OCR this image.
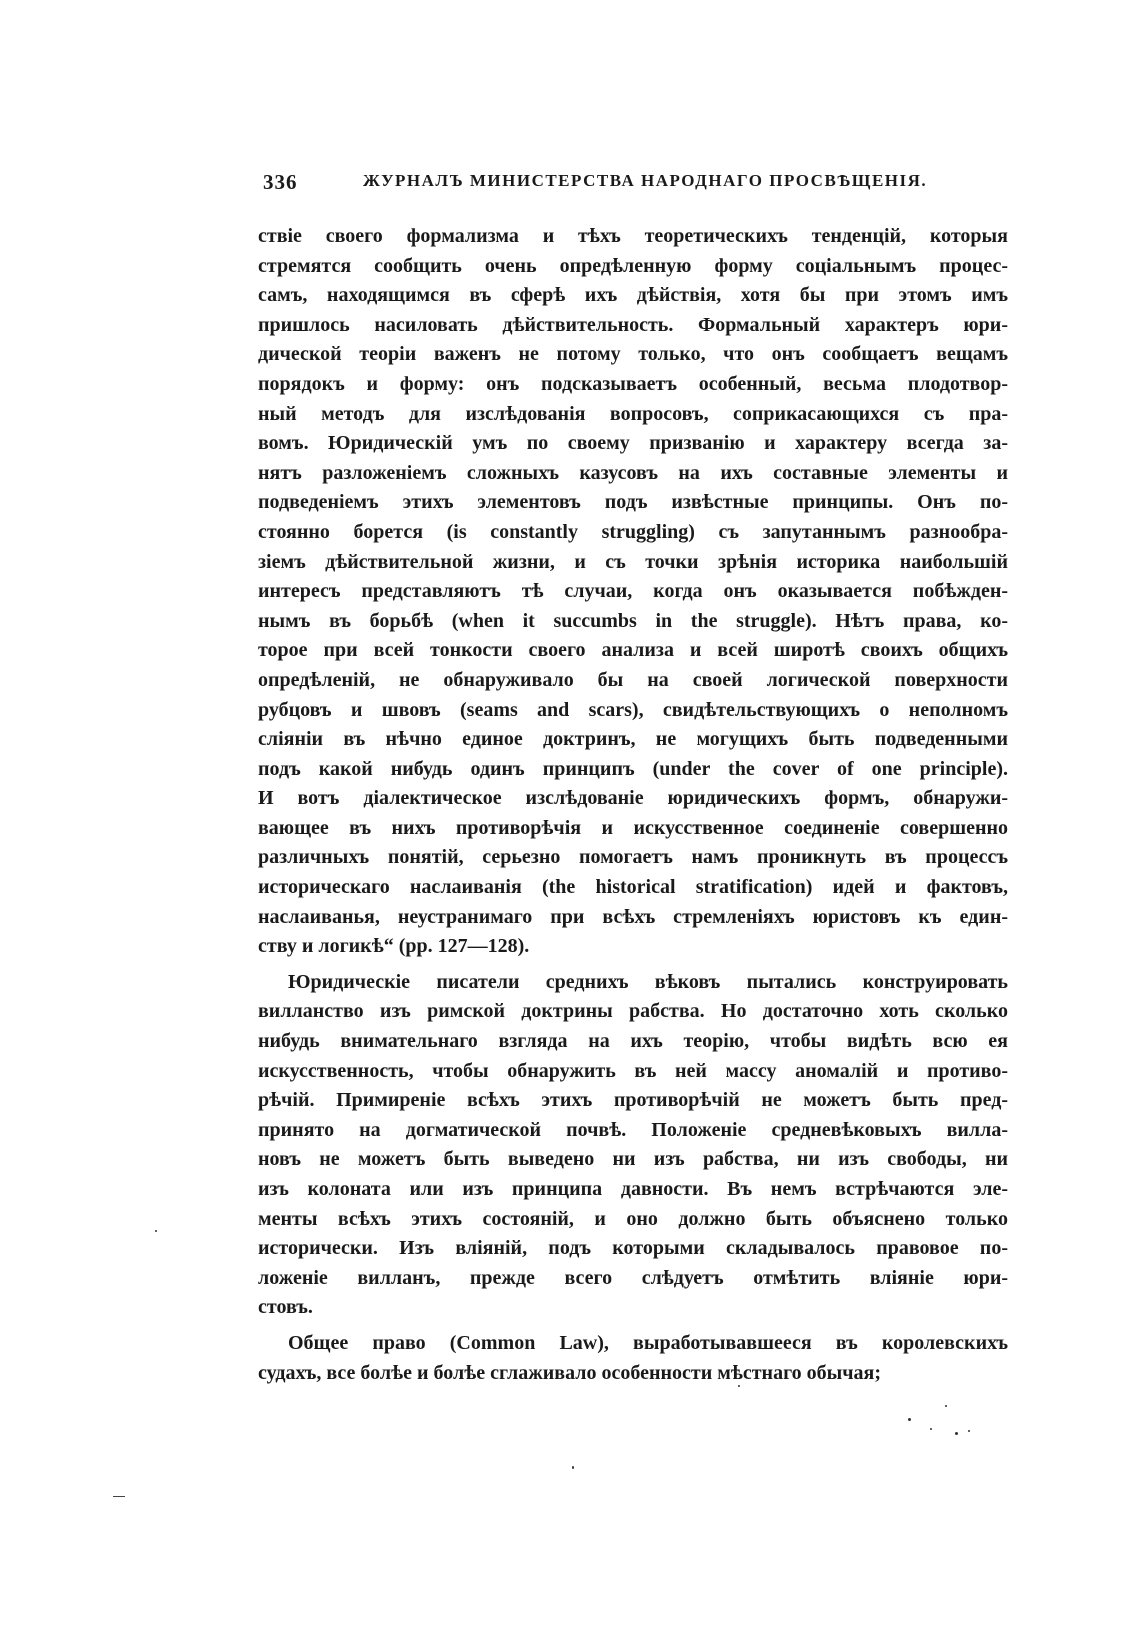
336	ЖУРНАЛЪ МИНИСТЕРСТВА НАРОДНАГО ПРОСВѢЩЕНІЯ.
ствіе своего формализма и тѣхъ теоретическихъ тенденцій, которыя
стремятся сообщить очень опредѣленную форму соціальнымъ процес-
самъ, находящимся въ сферѣ ихъ дѣйствія, хотя бы при этомъ имъ
пришлось насиловать дѣйствительность. Формальный характеръ юри-
дической теоріи важенъ не потому только, что онъ сообщаетъ вещамъ
порядокъ и форму: онъ подсказываетъ особенный, весьма плодотвор-
ный методъ для изслѣдованія вопросовъ, соприкасающихся съ пра-
вомъ. Юридическій умъ по своему призванію и характеру всегда за-
нятъ разложеніемъ сложныхъ казусовъ на ихъ составные элементы и
подведеніемъ этихъ элементовъ подъ извѣстные принципы. Онъ по-
стоянно борется (is constantly struggling) съ запутаннымъ разнообра-
зіемъ дѣйствительной жизни, и съ точки зрѣнія историка наибольшій
интересъ представляютъ тѣ случаи, когда онъ оказывается побѣжден-
нымъ въ борьбѣ (when it succumbs in the struggle). Нѣтъ права, ко-
торое при всей тонкости своего анализа и всей широтѣ своихъ общихъ
опредѣленій, не обнаруживало бы на своей логической поверхности
рубцовъ и швовъ (seams and scars), свидѣтельствующихъ о неполномъ
сліяніи въ нѣчно единое доктринъ, не могущихъ быть подведенными
подъ какой нибудь одинъ принципъ (under the cover of one principle).
И вотъ діалектическое изслѣдованіе юридическихъ формъ, обнаружи-
вающее въ нихъ противорѣчія и искусственное соединеніе совершенно
различныхъ понятій, серьезно помогаетъ намъ проникнуть въ процессъ
историческаго наслаиванія (the historical stratification) идей и фактовъ,
наслаиванья, неустранимаго при всѣхъ стремленіяхъ юристовъ къ един-
ству и логикѣ“ (pp. 127—128).
Юридическіе писатели среднихъ вѣковъ пытались конструировать
вилланство изъ римской доктрины рабства. Но достаточно хоть сколько
нибудь внимательнаго взгляда на ихъ теорію, чтобы видѣть всю ея
искусственность, чтобы обнаружить въ ней массу аномалій и противо-
рѣчій. Примиреніе всѣхъ этихъ противорѣчій не можетъ быть пред-
принято на догматической почвѣ. Положеніе средневѣковыхъ вилла-
новъ не можетъ быть выведено ни изъ рабства, ни изъ свободы, ни
изъ колоната или изъ принципа давности. Въ немъ встрѣчаются эле-
менты всѣхъ этихъ состояній, и оно должно быть объяснено только
исторически. Изъ вліяній, подъ которыми складывалось правовое по-
ложеніе вилланъ, прежде всего слѣдуетъ отмѣтить вліяніе юри-
стовъ.
Общее право (Common Law), выработывавшееся въ королевскихъ
судахъ, все болѣе и болѣе сглаживало особенности мѣстнаго обычая;
